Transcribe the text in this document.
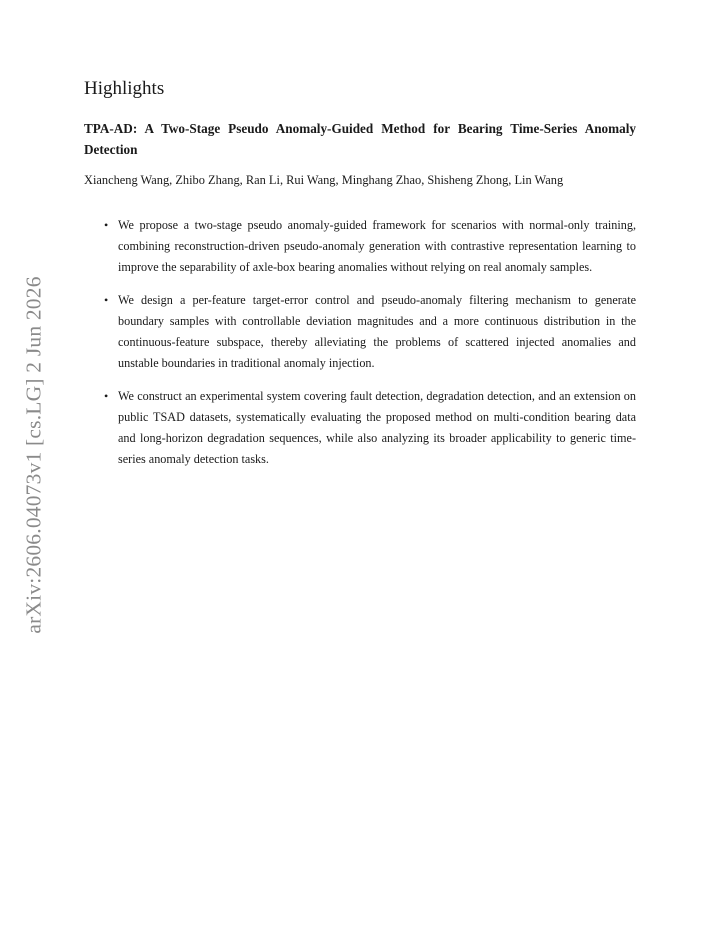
arXiv:2606.04073v1 [cs.LG] 2 Jun 2026
Highlights
TPA-AD: A Two-Stage Pseudo Anomaly-Guided Method for Bearing Time-Series Anomaly Detection
Xiancheng Wang, Zhibo Zhang, Ran Li, Rui Wang, Minghang Zhao, Shisheng Zhong, Lin Wang
• We propose a two-stage pseudo anomaly-guided framework for scenarios with normal-only training, combining reconstruction-driven pseudo-anomaly generation with contrastive representation learning to improve the separability of axle-box bearing anomalies without relying on real anomaly samples.
• We design a per-feature target-error control and pseudo-anomaly filtering mechanism to generate boundary samples with controllable deviation magnitudes and a more continuous distribution in the continuous-feature subspace, thereby alleviating the problems of scattered injected anomalies and unstable boundaries in traditional anomaly injection.
• We construct an experimental system covering fault detection, degradation detection, and an extension on public TSAD datasets, systematically evaluating the proposed method on multi-condition bearing data and long-horizon degradation sequences, while also analyzing its broader applicability to generic time-series anomaly detection tasks.
